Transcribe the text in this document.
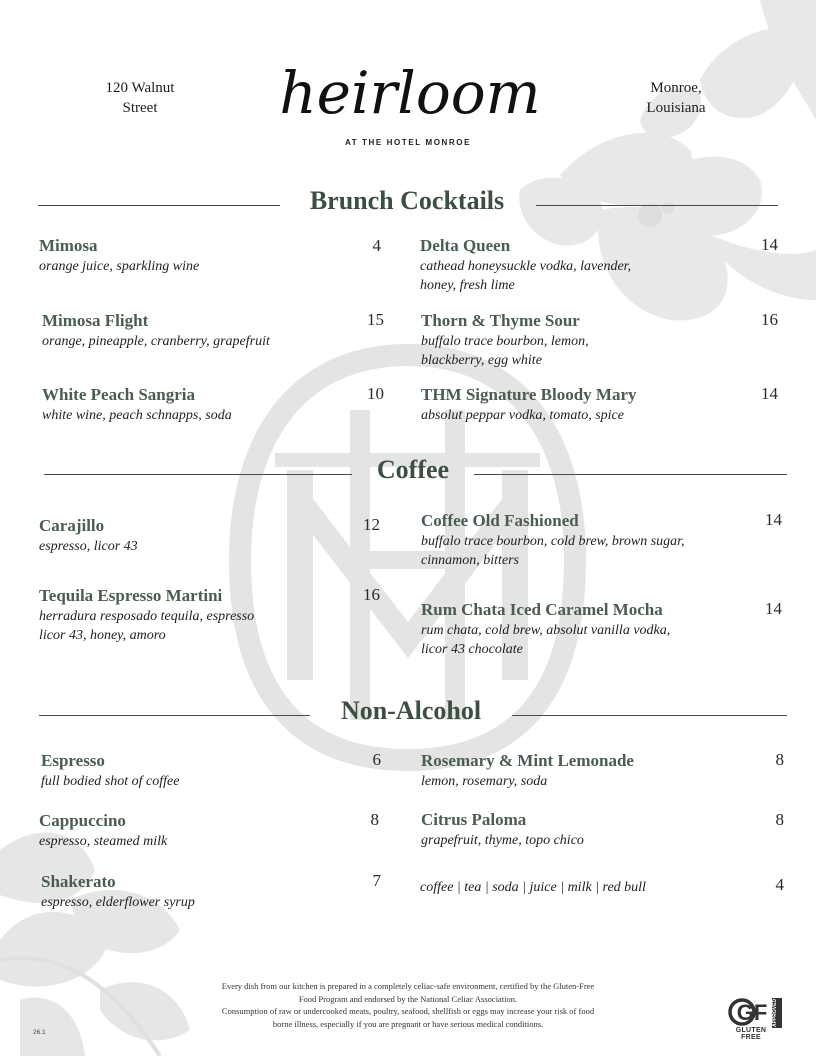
120 Walnut
Street
Monroe,
Louisiana
heirloom
AT THE HOTEL MONROE
Brunch Cocktails
Mimosa
orange juice, sparkling wine
4
Mimosa Flight
orange, pineapple, cranberry, grapefruit
15
White Peach Sangria
white wine, peach schnapps, soda
10
Delta Queen
cathead honeysuckle vodka, lavender,
honey, fresh lime
14
Thorn & Thyme Sour
buffalo trace bourbon, lemon,
blackberry, egg white
16
THM Signature Bloody Mary
absolut peppar vodka, tomato, spice
14
Coffee
Carajillo
espresso, licor 43
12
Tequila Espresso Martini
herradura resposado tequila, espresso
licor 43, honey, amoro
16
Coffee Old Fashioned
buffalo trace bourbon, cold brew, brown sugar,
cinnamon, bitters
14
Rum Chata Iced Caramel Mocha
rum chata, cold brew, absolut vanilla vodka,
licor 43 chocolate
14
Non-Alcohol
Espresso
full bodied shot of coffee
6
Cappuccino
espresso, steamed milk
8
Shakerato
espresso, elderflower syrup
7
Rosemary & Mint Lemonade
lemon, rosemary, soda
8
Citrus Paloma
grapefruit, thyme, topo chico
8
coffee | tea | soda | juice | milk | red bull	4
Every dish from our kitchen is prepared in a completely celiac-safe environment, certified by the Gluten-Free
Food Program and endorsed by the National Celiac Association.
Consumption of raw or undercooked meats, poultry, seafood, shellfish or eggs may increase your risk of food
borne illness, especially if you are pregnant or have serious medical conditions.
26.1
GF APPROVED
GLUTEN FREE
